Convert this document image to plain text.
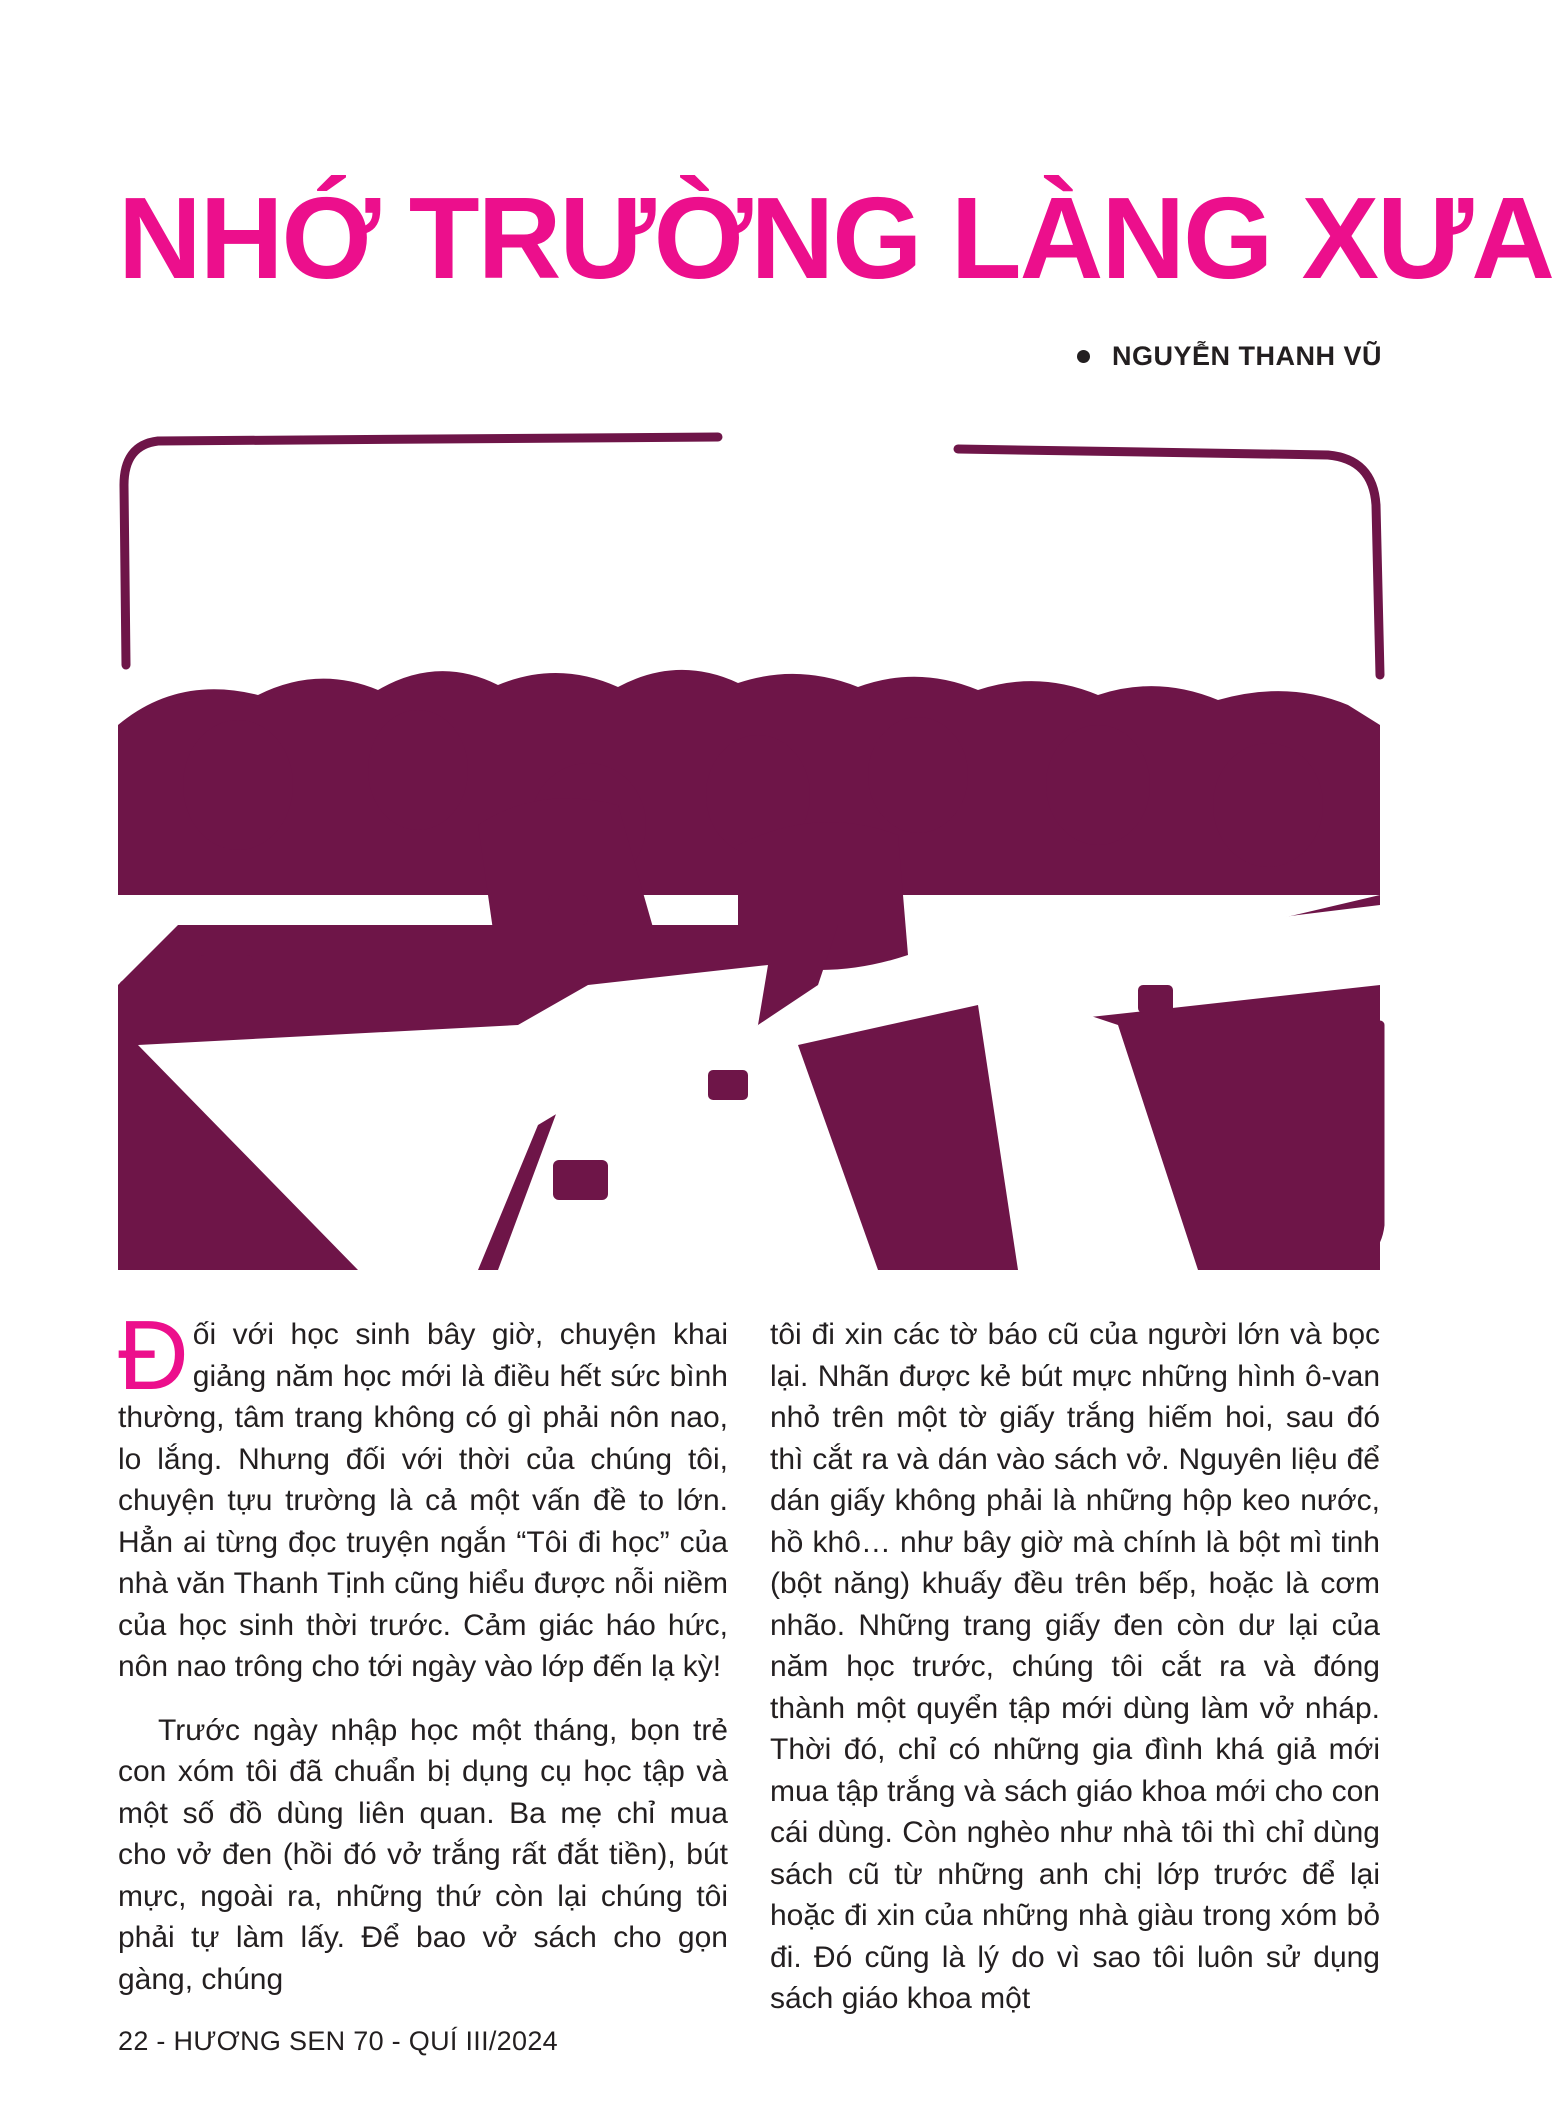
NHỚ TRƯỜNG LÀNG XƯA
NGUYỄN THANH VŨ

Đối với học sinh bây giờ, chuyện khai giảng năm học mới là điều hết sức bình thường, tâm trang không có gì phải nôn nao, lo lắng. Nhưng đối với thời của chúng tôi, chuyện tựu trường là cả một vấn đề to lớn. Hẳn ai từng đọc truyện ngắn “Tôi đi học” của nhà văn Thanh Tịnh cũng hiểu được nỗi niềm của học sinh thời trước. Cảm giác háo hức, nôn nao trông cho tới ngày vào lớp đến lạ kỳ!

Trước ngày nhập học một tháng, bọn trẻ con xóm tôi đã chuẩn bị dụng cụ học tập và một số đồ dùng liên quan. Ba mẹ chỉ mua cho vở đen (hồi đó vở trắng rất đắt tiền), bút mực, ngoài ra, những thứ còn lại chúng tôi phải tự làm lấy. Để bao vở sách cho gọn gàng, chúng

tôi đi xin các tờ báo cũ của người lớn và bọc lại. Nhãn được kẻ bút mực những hình ô-van nhỏ trên một tờ giấy trắng hiếm hoi, sau đó thì cắt ra và dán vào sách vở. Nguyên liệu để dán giấy không phải là những hộp keo nước, hồ khô… như bây giờ mà chính là bột mì tinh (bột năng) khuấy đều trên bếp, hoặc là cơm nhão. Những trang giấy đen còn dư lại của năm học trước, chúng tôi cắt ra và đóng thành một quyển tập mới dùng làm vở nháp. Thời đó, chỉ có những gia đình khá giả mới mua tập trắng và sách giáo khoa mới cho con cái dùng. Còn nghèo như nhà tôi thì chỉ dùng sách cũ từ những anh chị lớp trước để lại hoặc đi xin của những nhà giàu trong xóm bỏ đi. Đó cũng là lý do vì sao tôi luôn sử dụng sách giáo khoa một

22 - HƯƠNG SEN 70 - QUÍ III/2024
